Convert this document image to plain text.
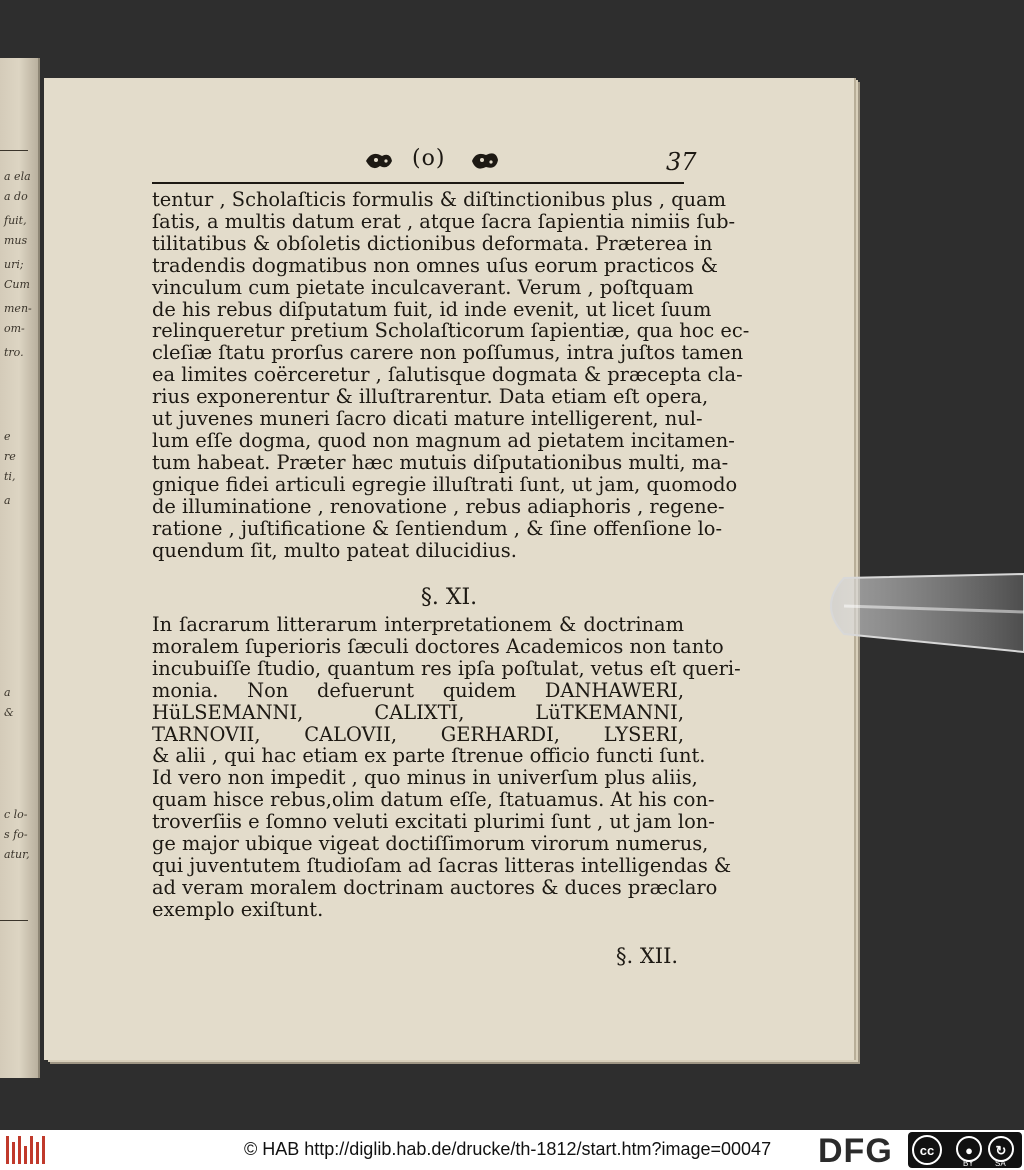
a ela
a do
fuit,
mus
uri;
Cum
men-
om-
tro.
e
re
ti,
a
a
&
c lo-
s fo-
atur,
(o)	37
tentur , Scholaſticis formulis & diſtinctionibus plus , quam
ſatis, a multis datum erat , atque ſacra ſapientia nimiis ſub-
tilitatibus & obſoletis dictionibus deformata. Præterea in
tradendis dogmatibus non omnes uſus eorum practicos &
vinculum cum pietate inculcaverant. Verum , poſtquam
de his rebus diſputatum fuit, id inde evenit, ut licet ſuum
relinqueretur pretium Scholaſticorum ſapientiæ, qua hoc ec-
cleſiæ ſtatu prorſus carere non poſſumus, intra juſtos tamen
ea limites coërceretur , ſalutisque dogmata & præcepta cla-
rius exponerentur & illuſtrarentur. Data etiam eſt opera,
ut juvenes muneri ſacro dicati mature intelligerent, nul-
lum eſſe dogma, quod non magnum ad pietatem incitamen-
tum habeat. Præter hæc mutuis diſputationibus multi, ma-
gnique fidei articuli egregie illuſtrati ſunt, ut jam, quomodo
de illuminatione , renovatione , rebus adiaphoris , regene-
ratione , juſtificatione & ſentiendum , & ſine offenſione lo-
quendum ſit, multo pateat dilucidius.
§. XI.
In ſacrarum litterarum interpretationem & doctrinam
moralem ſuperioris ſæculi doctores Academicos non tanto
incubuiſſe ſtudio, quantum res ipſa poſtulat, vetus eſt queri-
monia. Non defuerunt quidem DANHAWERI,
HüLSEMANNI, CALIXTI, LüTKEMANNI,
TARNOVII, CALOVII, GERHARDI, LYSERI,
& alii , qui hac etiam ex parte ſtrenue officio functi ſunt.
Id vero non impedit , quo minus in univerſum plus aliis,
quam hisce rebus,olim datum eſſe, ſtatuamus. At his con-
troverſiis e ſomno veluti excitati plurimi ſunt , ut jam lon-
ge major ubique vigeat doctiſſimorum virorum numerus,
qui juventutem ſtudioſam ad ſacras litteras intelligendas &
ad veram moralem doctrinam auctores & duces præclaro
exemplo exiſtunt.
§. XII.
© HAB http://diglib.hab.de/drucke/th-1812/start.htm?image=00047 DFG	cc	●	↻
BY	SA
